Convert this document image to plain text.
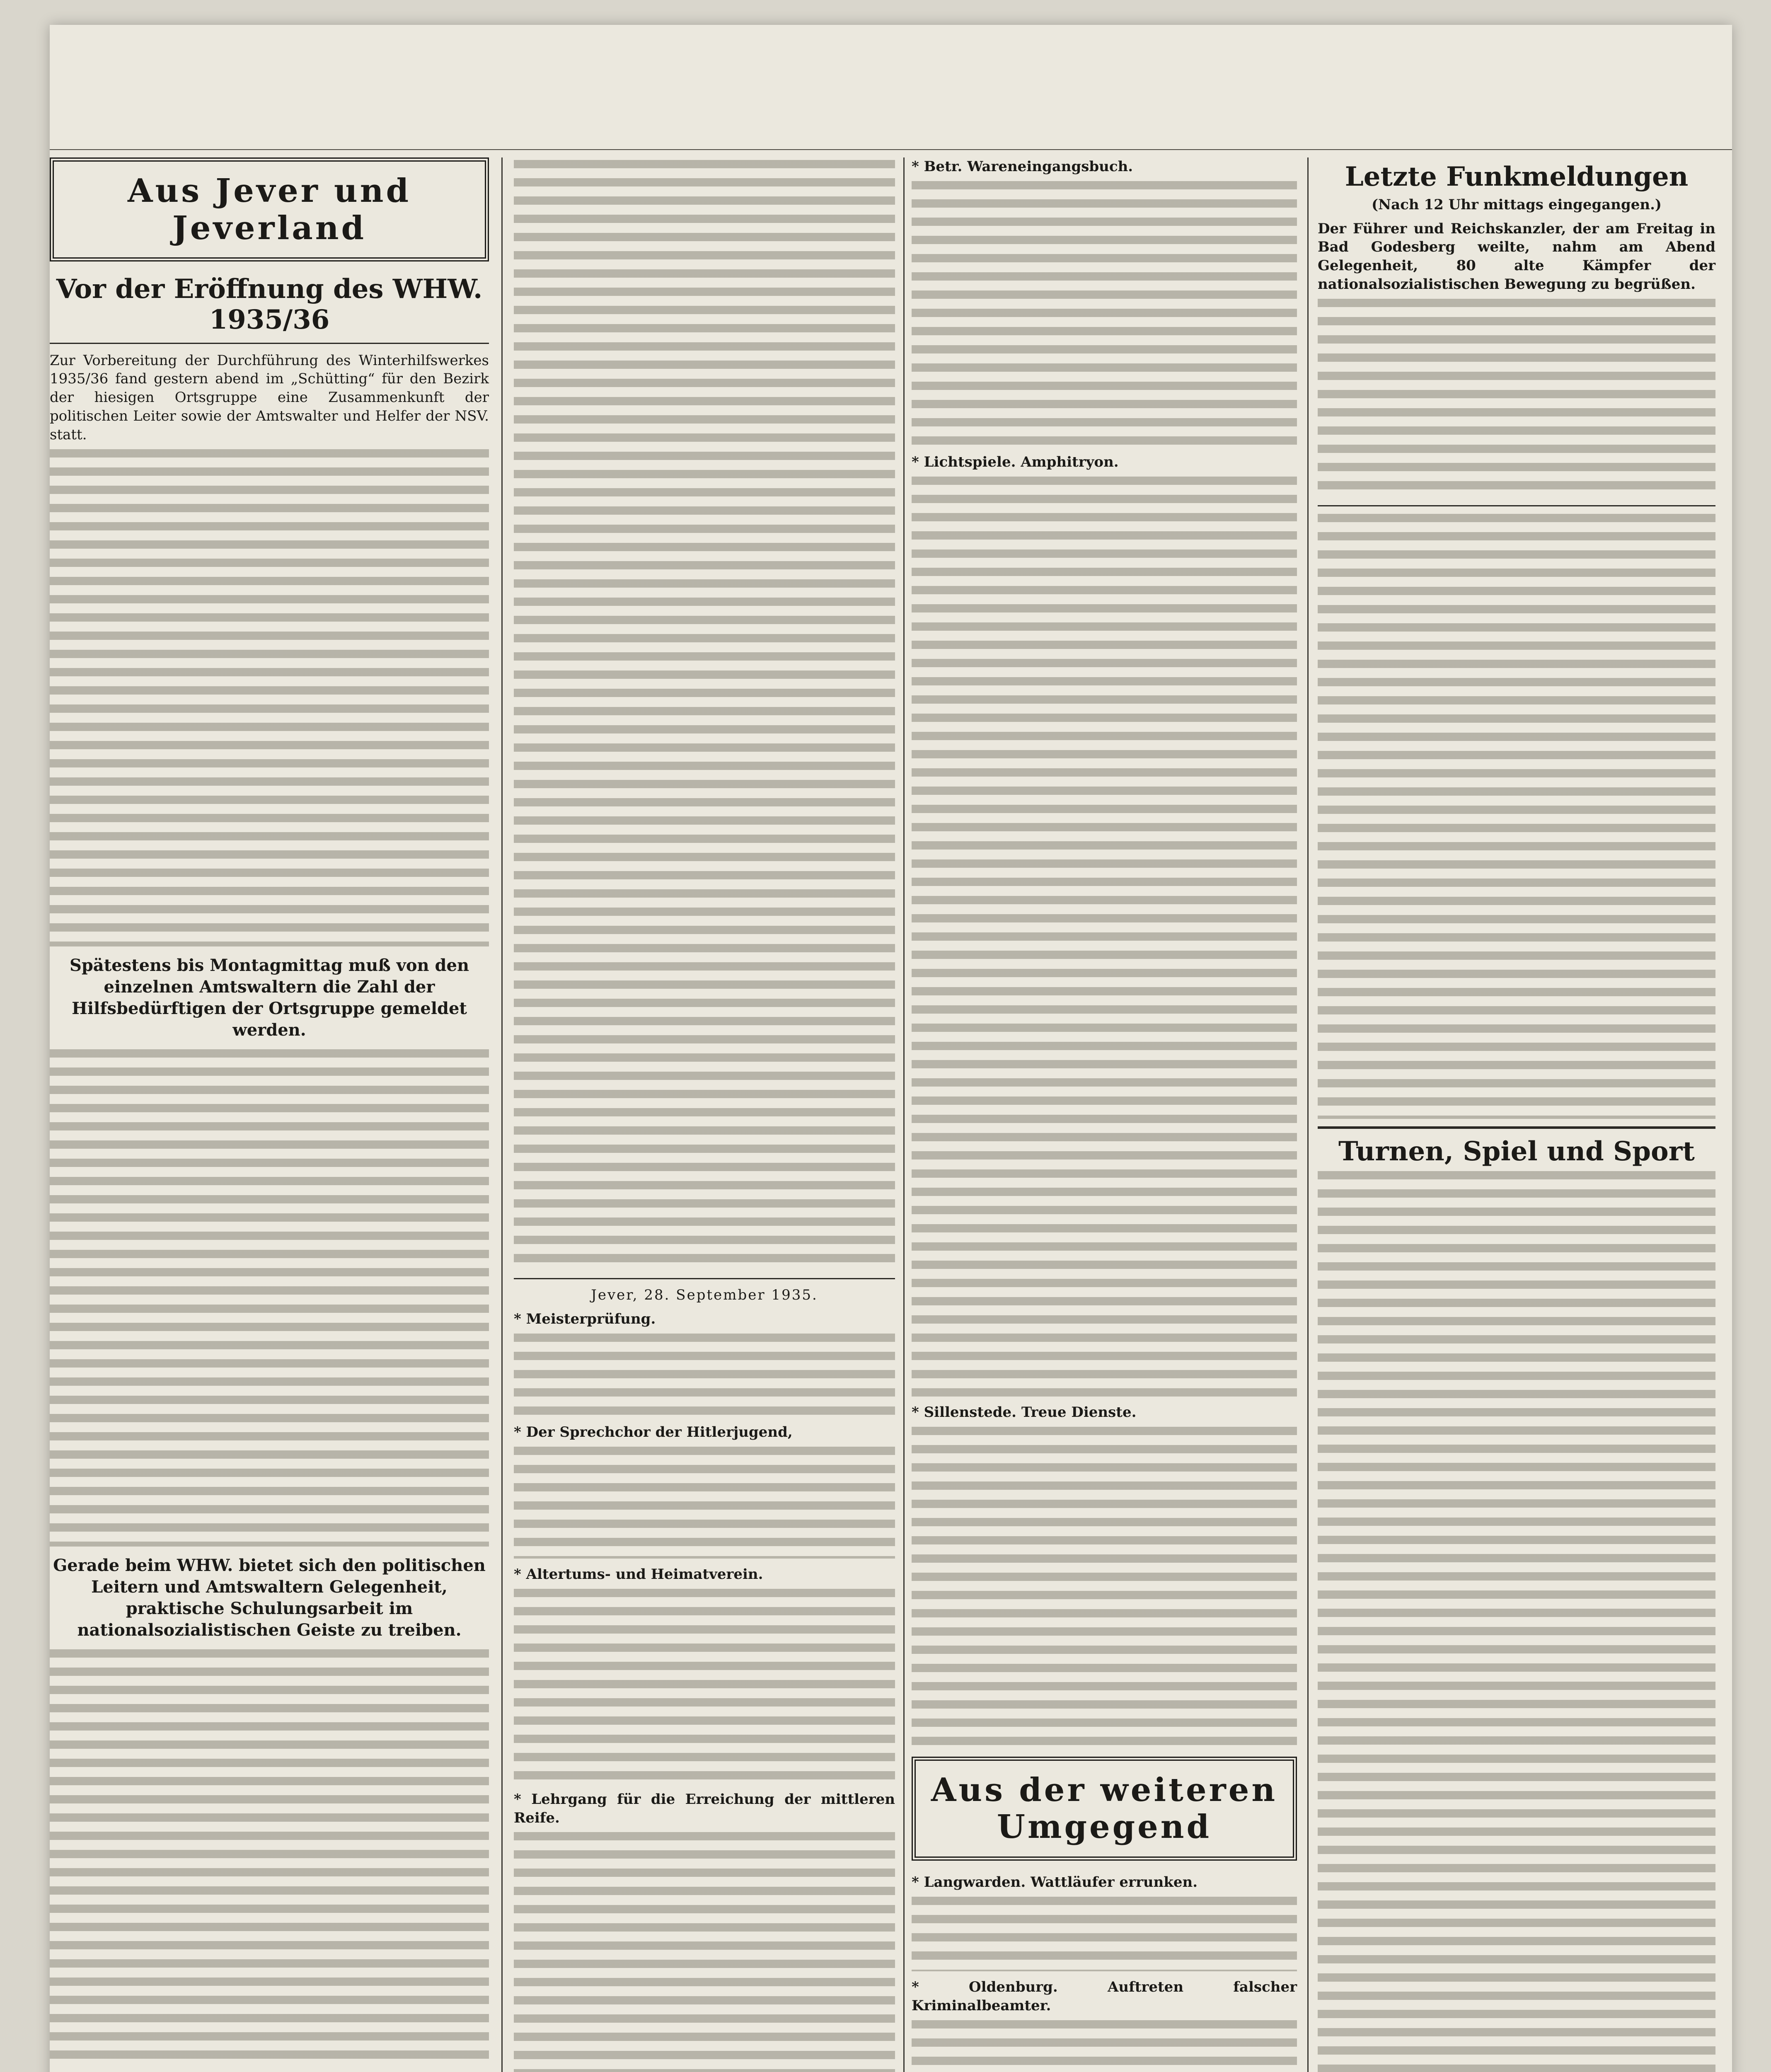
Aus Jever und Jeverland
Vor der Eröffnung des WHW. 1935/36

Zur Vorbereitung der Durchführung des Winterhilfswerkes 1935/36 fand gestern abend im „Schütting“ für den Bezirk der hiesigen Ortsgruppe eine Zusammenkunft der politischen Leiter sowie der Amtswalter und Helfer der NSV. statt.

Spätestens bis Montagmittag muß von den einzelnen Amtswaltern die Zahl der Hilfsbedürftigen der Ortsgruppe gemeldet werden.
Gerade beim WHW. bietet sich den politischen Leitern und Amtswaltern Gelegenheit, praktische Schulungsarbeit im nationalsozialistischen Geiste zu treiben.
Jever, 28. September 1935.

* Meisterprüfung.

* Der Sprechchor der Hitlerjugend,

* Altertums- und Heimatverein.

* Lehrgang für die Erreichung der mittleren Reife.

* Betr. Wareneingangsbuch.

* Lichtspiele. Amphitryon.

* Sillenstede. Treue Dienste.

Aus der weiteren Umgegend

* Langwarden. Wattläufer errunken.

* Oldenburg. Auftreten falscher Kriminalbeamter.

Letzte Funkmeldungen
(Nach 12 Uhr mittags eingegangen.)

Der Führer und Reichskanzler, der am Freitag in Bad Godesberg weilte, nahm am Abend Gelegenheit, 80 alte Kämpfer der nationalsozialistischen Bewegung zu begrüßen.

Turnen, Spiel und Sport
